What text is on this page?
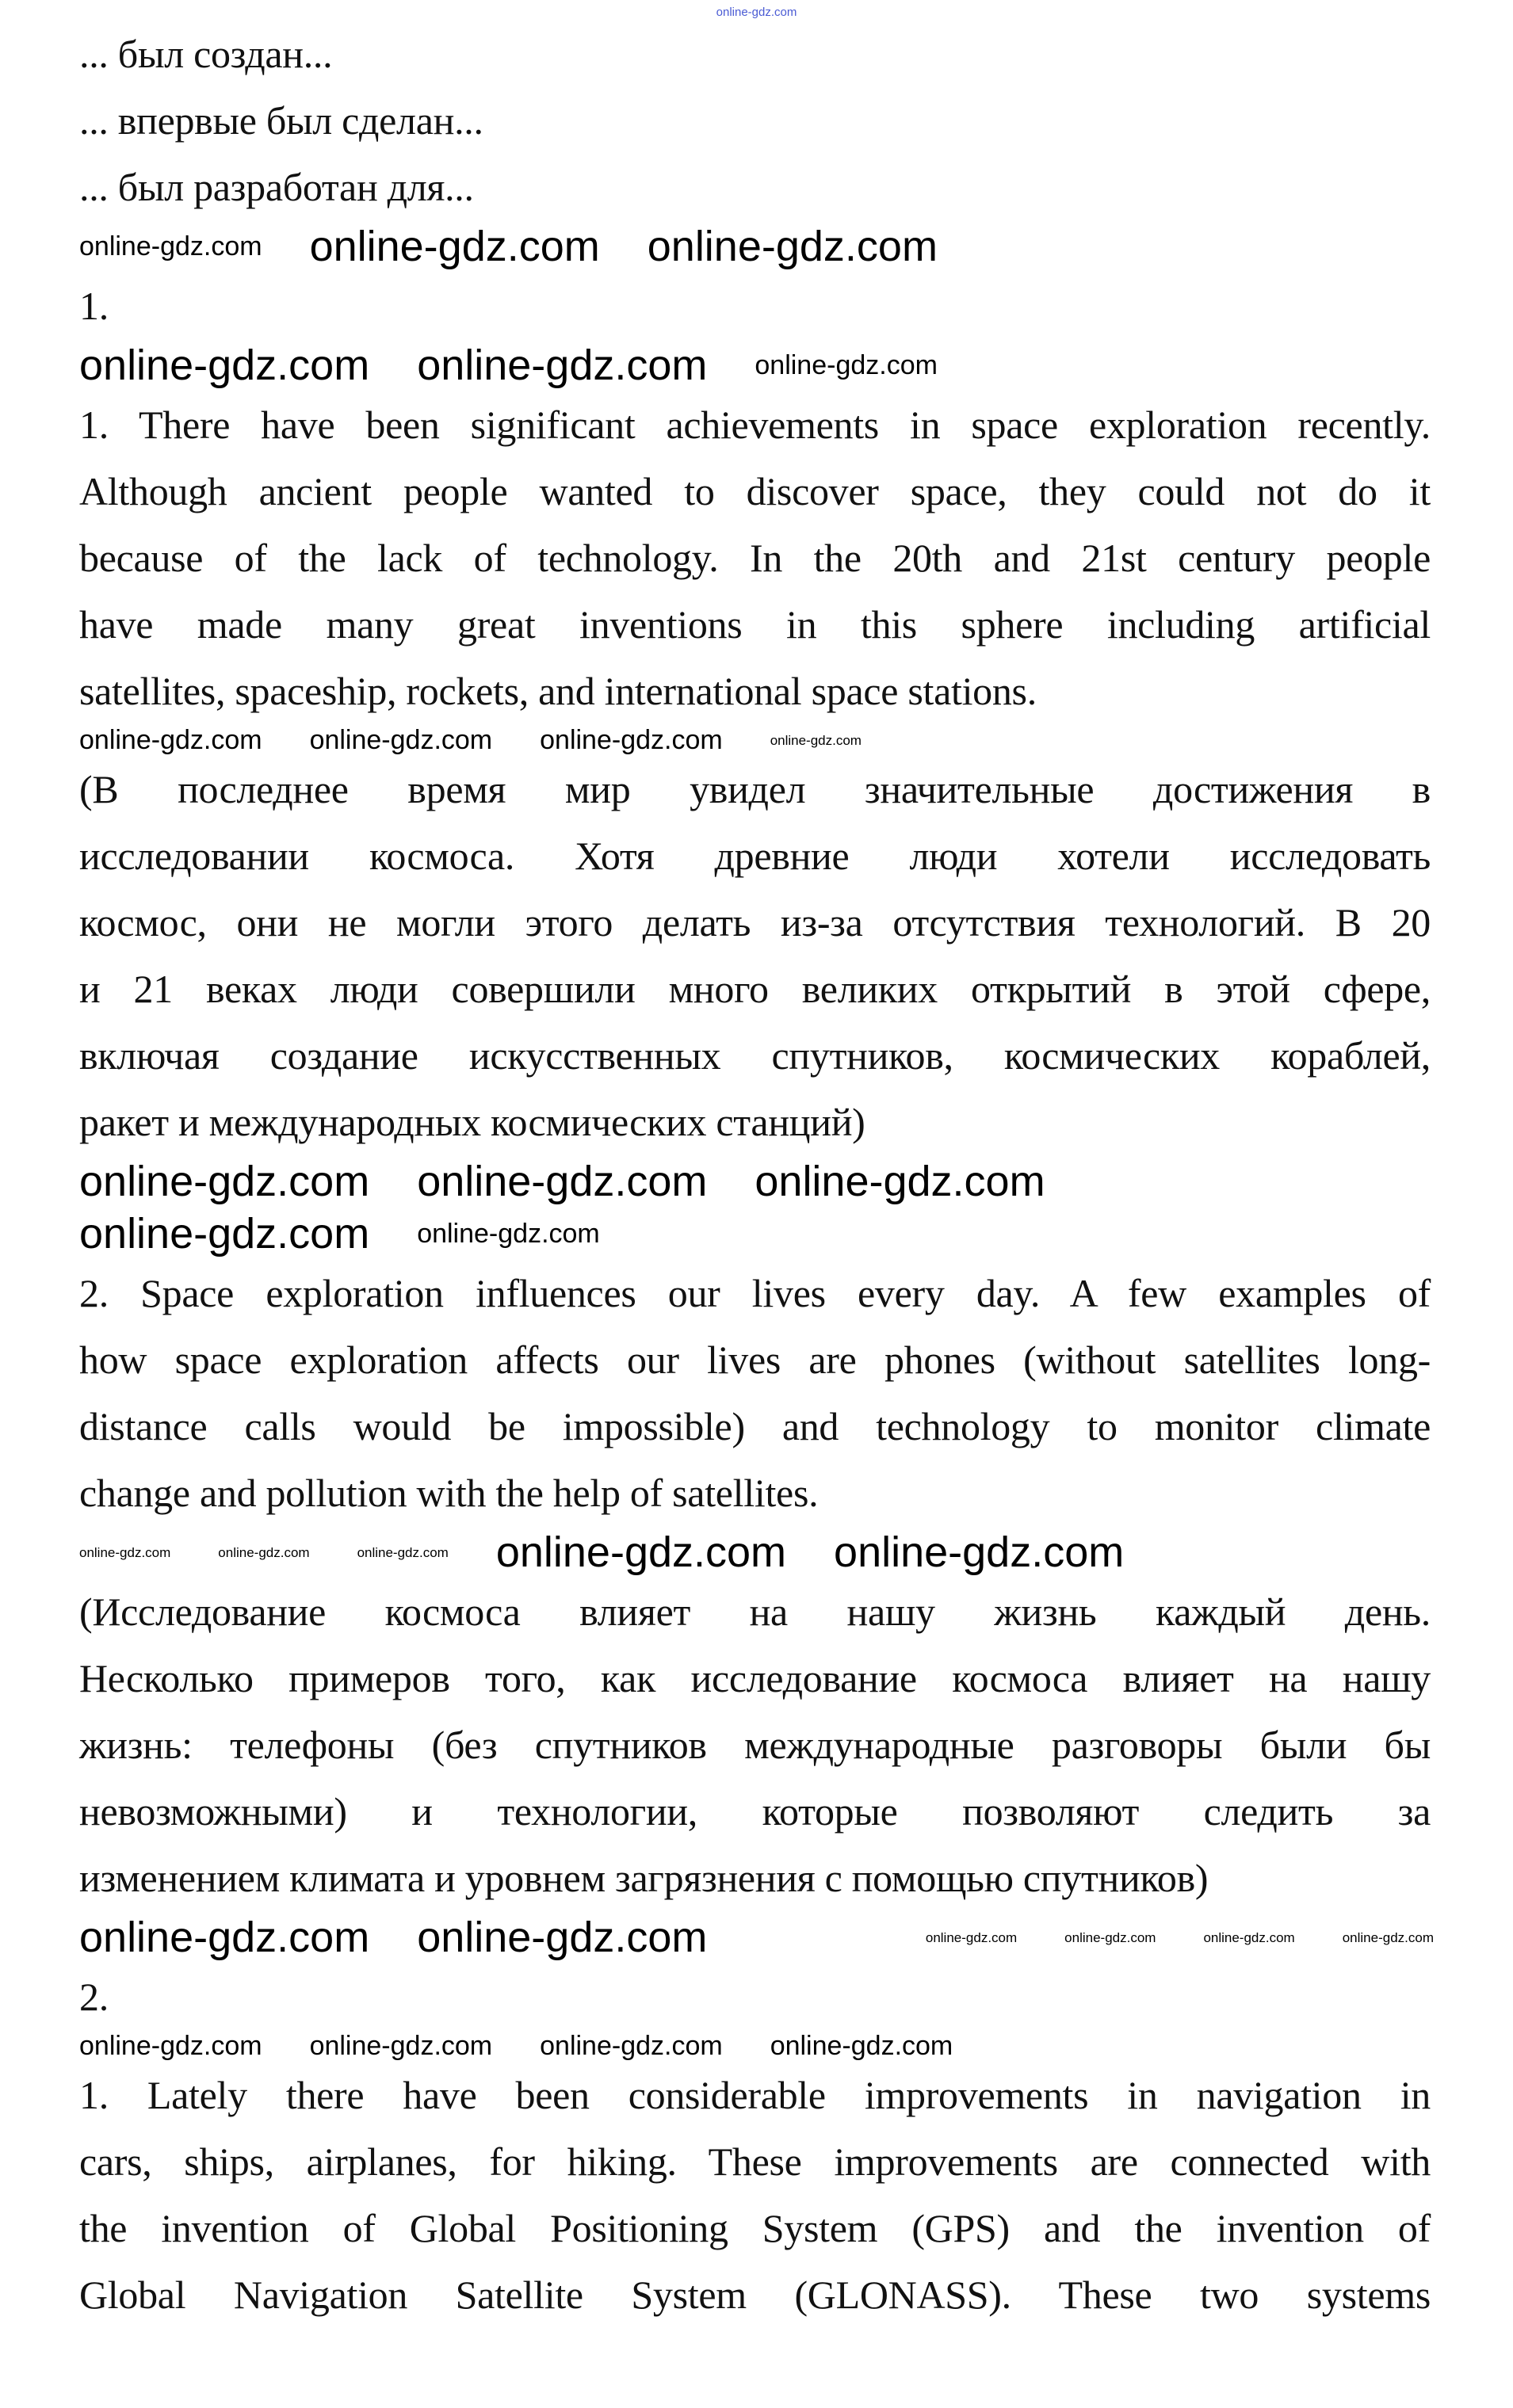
online-gdz.com
... был создан...
... впервые был сделан...
... был разработан для...
online-gdz.com online-gdz.com online-gdz.com
1.
online-gdz.com online-gdz.com online-gdz.com
1. There have been significant achievements in space exploration recently.
Although ancient people wanted to discover space, they could not do it
because of the lack of technology. In the 20th and 21st century people
have made many great inventions in this sphere including artificial
satellites, spaceship, rockets, and international space stations.
online-gdz.com online-gdz.com online-gdz.com	online-gdz.com
(В последнее время мир увидел значительные достижения в
исследовании космоса. Хотя древние люди хотели исследовать
космос, они не могли этого делать из-за отсутствия технологий. В 20
и 21 веках люди совершили много великих открытий в этой сфере,
включая создание искусственных спутников, космических кораблей,
ракет и международных космических станций)
online-gdz.com online-gdz.com online-gdz.com
online-gdz.com online-gdz.com
2. Space exploration influences our lives every day. A few examples of
how space exploration affects our lives are phones (without satellites long-
distance calls would be impossible) and technology to monitor climate
change and pollution with the help of satellites.
online-gdz.com	online-gdz.com	online-gdz.com online-gdz.com online-gdz.com
(Исследование космоса влияет на нашу жизнь каждый день.
Несколько примеров того, как исследование космоса влияет на нашу
жизнь: телефоны (без спутников международные разговоры были бы
невозможными) и технологии, которые позволяют следить за
изменением климата и уровнем загрязнения с помощью спутников)
online-gdz.com online-gdz.com	online-gdz.com	online-gdz.com	online-gdz.com	online-gdz.com
2.
online-gdz.com online-gdz.com online-gdz.com online-gdz.com
1. Lately there have been considerable improvements in navigation in
cars, ships, airplanes, for hiking. These improvements are connected with
the invention of Global Positioning System (GPS) and the invention of
Global Navigation Satellite System (GLONASS). These two systems
